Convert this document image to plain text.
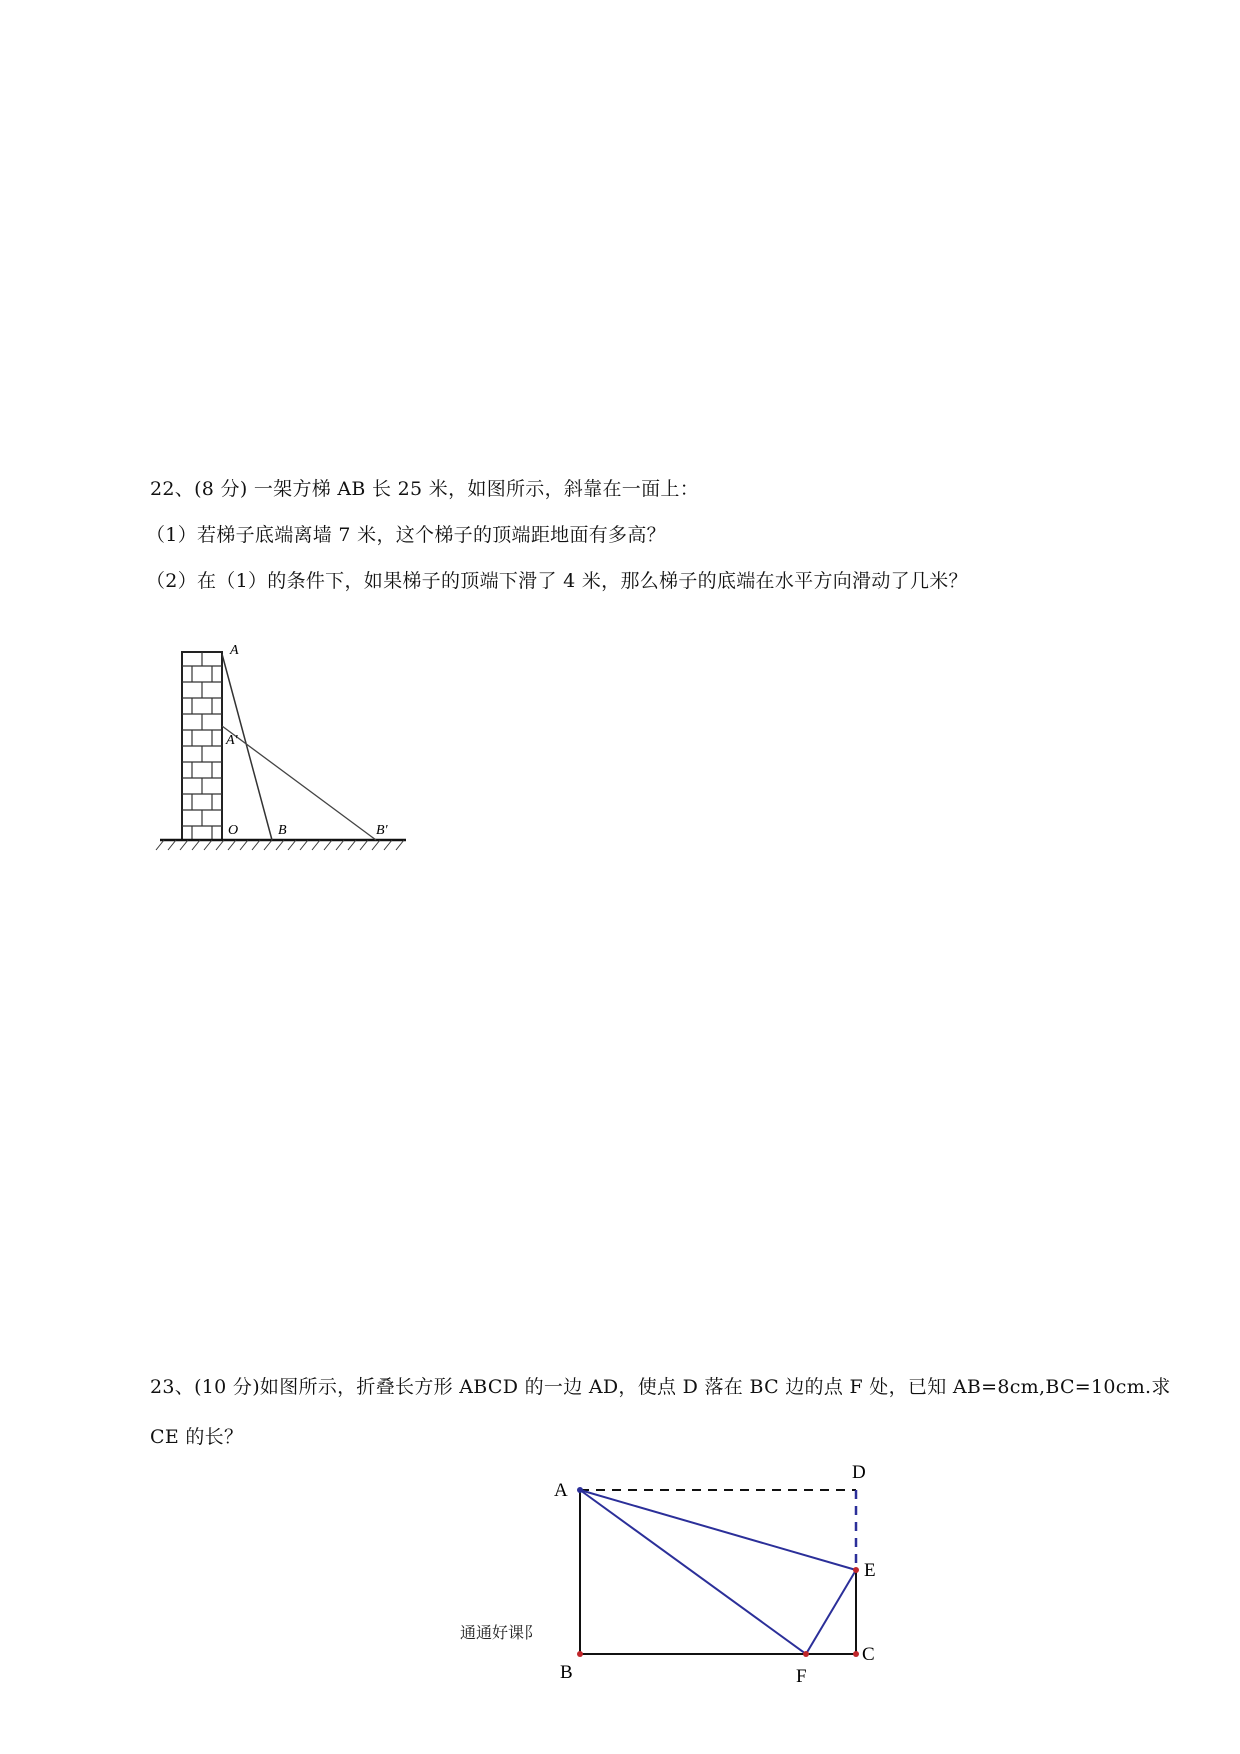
22、(8 分) 一架方梯 AB 长 25 米，如图所示，斜靠在一面上：
（1）若梯子底端离墙 7 米，这个梯子的顶端距地面有多高？
（2）在（1）的条件下，如果梯子的顶端下滑了 4 米，那么梯子的底端在水平方向滑动了几米？
A
A′
O	B	B′
23、(10 分)如图所示，折叠长方形 ABCD 的一边 AD，使点 D 落在 BC 边的点 F 处，已知 AB=8cm,BC=10cm.求
CE 的长？
A
D
E
B	F
C
通通好课阝
